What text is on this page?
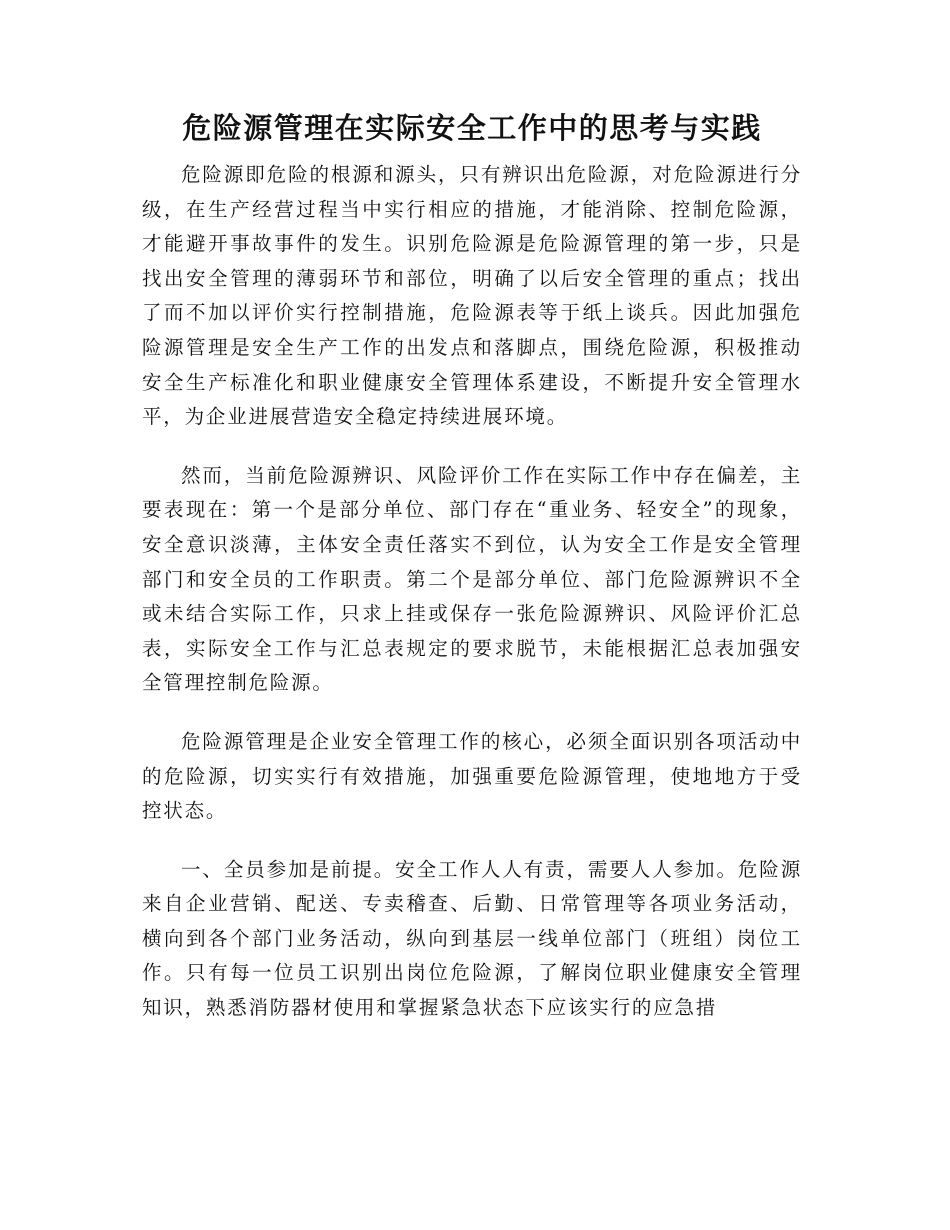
危险源管理在实际安全工作中的思考与实践

危险源即危险的根源和源头，只有辨识出危险源，对危险源进行分级，在生产经营过程当中实行相应的措施，才能消除、控制危险源，才能避开事故事件的发生。识别危险源是危险源管理的第一步，只是找出安全管理的薄弱环节和部位，明确了以后安全管理的重点；找出了而不加以评价实行控制措施，危险源表等于纸上谈兵。因此加强危险源管理是安全生产工作的出发点和落脚点，围绕危险源，积极推动安全生产标准化和职业健康安全管理体系建设，不断提升安全管理水平，为企业进展营造安全稳定持续进展环境。

然而，当前危险源辨识、风险评价工作在实际工作中存在偏差，主要表现在：第一个是部分单位、部门存在“重业务、轻安全”的现象，安全意识淡薄，主体安全责任落实不到位，认为安全工作是安全管理部门和安全员的工作职责。第二个是部分单位、部门危险源辨识不全或未结合实际工作，只求上挂或保存一张危险源辨识、风险评价汇总表，实际安全工作与汇总表规定的要求脱节，未能根据汇总表加强安全管理控制危险源。

危险源管理是企业安全管理工作的核心，必须全面识别各项活动中的危险源，切实实行有效措施，加强重要危险源管理，使地地方于受控状态。

一、全员参加是前提。安全工作人人有责，需要人人参加。危险源来自企业营销、配送、专卖稽查、后勤、日常管理等各项业务活动，横向到各个部门业务活动，纵向到基层一线单位部门（班组）岗位工作。只有每一位员工识别出岗位危险源，了解岗位职业健康安全管理知识，熟悉消防器材使用和掌握紧急状态下应该实行的应急措
